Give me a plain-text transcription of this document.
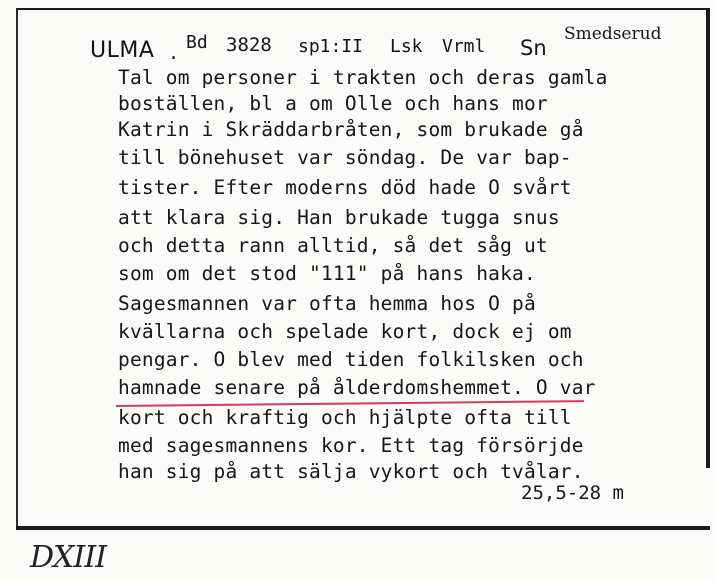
ULMA . Bd 3828 sp1:II Lsk Vrml Sn
Smedserud
Tal om personer i trakten och deras gamla
boställen, bl a om Olle och hans mor
Katrin i Skräddarbråten, som brukade gå
till bönehuset var söndag. De var bap-
tister. Efter moderns död hade O svårt
att klara sig. Han brukade tugga snus
och detta rann alltid, så det såg ut
som om det stod "111" på hans haka.
Sagesmannen var ofta hemma hos O på
kvällarna och spelade kort, dock ej om
pengar. O blev med tiden folkilsken och
hamnade senare på ålderdomshemmet. O var
kort och kraftig och hjälpte ofta till
med sagesmannens kor. Ett tag försörjde
han sig på att sälja vykort och tvålar.
25,5-28 m
DXIII
